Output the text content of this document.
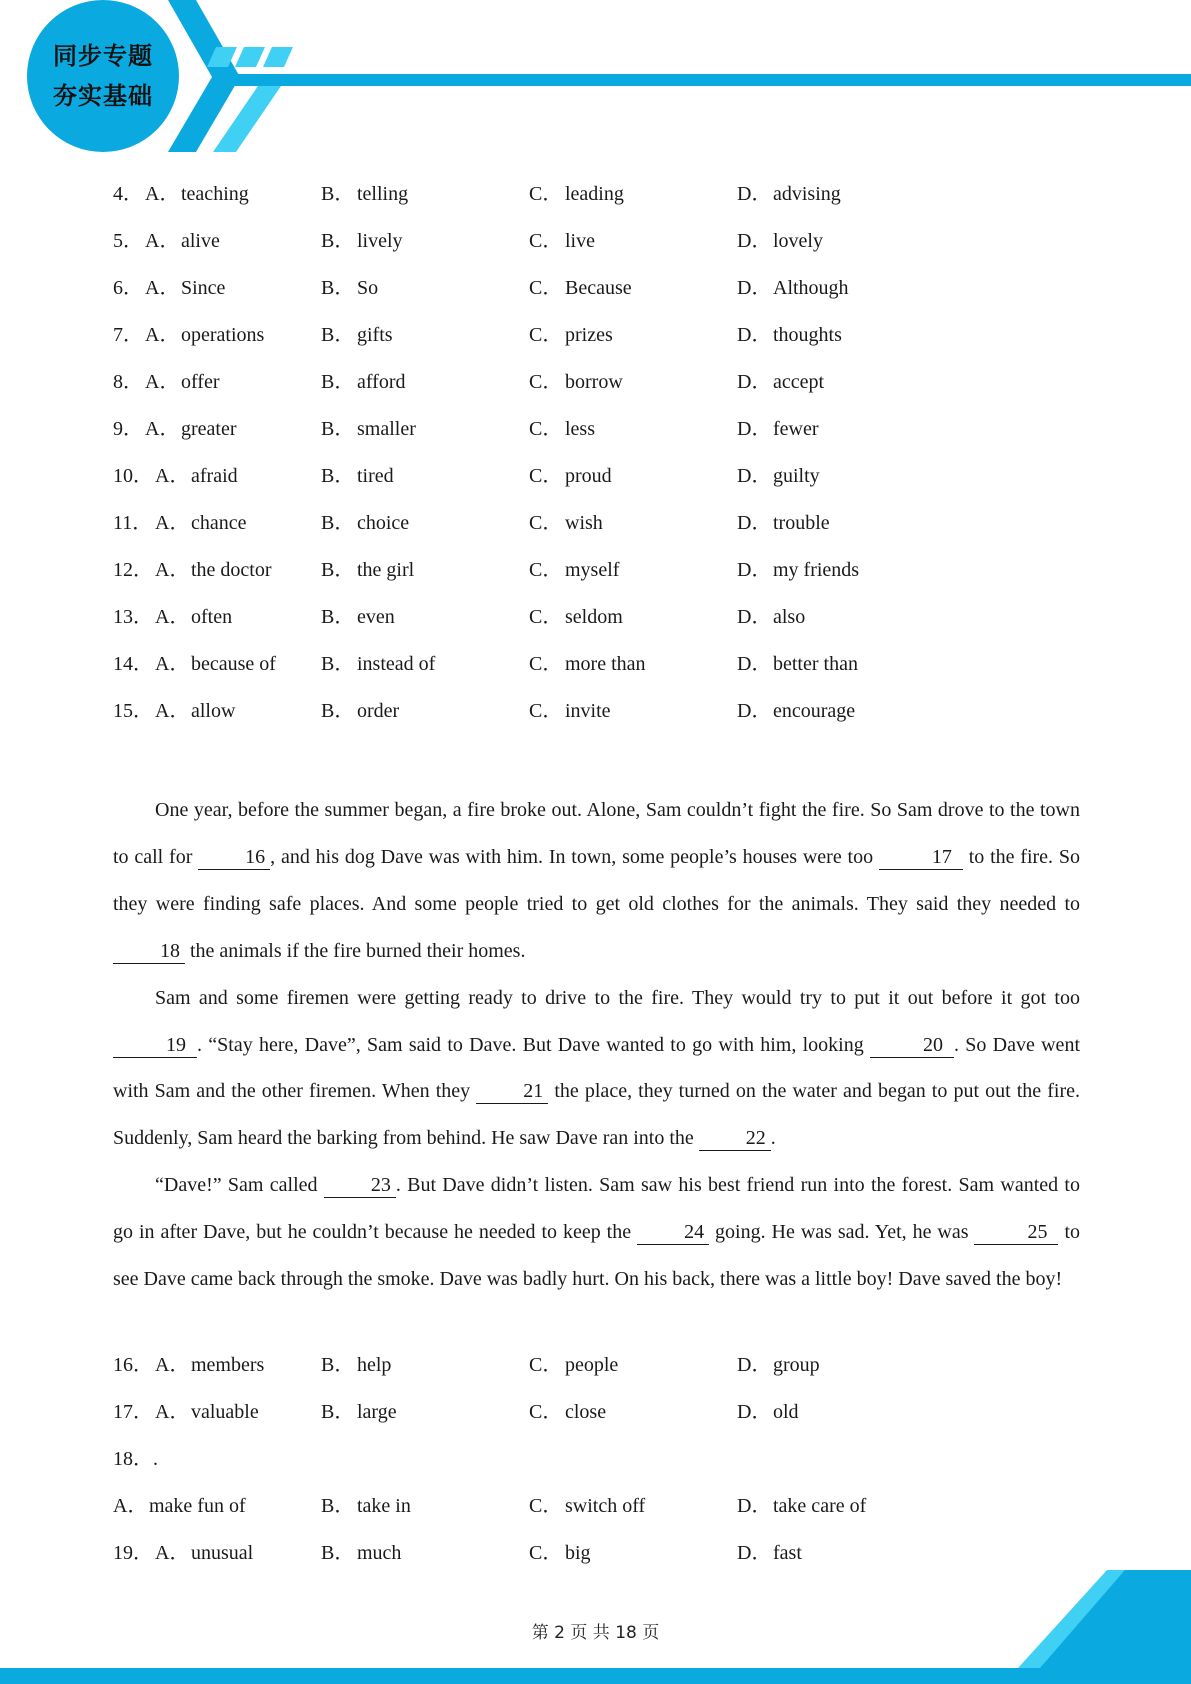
同步专题
夯实基础
4． A．teaching	B． telling	C． leading	D．advising
5． A．alive	B． lively	C． live	D．lovely
6． A．Since	B． So	C． Because	D．Although
7． A．operations	B． gifts	C． prizes	D．thoughts
8． A．offer	B． afford	C． borrow	D．accept
9． A．greater	B． smaller	C． less	D．fewer
10． A．afraid	B． tired	C． proud	D．guilty
11． A．chance	B． choice	C． wish	D．trouble
12． A．the doctor B． the girl	C． myself	D．my friends
13． A．often	B． even	C． seldom	D．also
14． A．because of B． instead of	C． more than	D．better than
15． A．allow	B． order	C． invite	D．encourage

One year, before the summer began, a fire broke out. Alone, Sam couldn’t fight the fire. So Sam drove to the town to call for 16 , and his dog Dave was with him. In town, some people’s houses were too	17 to the fire. So they were finding safe places. And some people tried to get old clothes for the animals. They said they needed to 18 the animals if the fire burned their homes.

Sam and some firemen were getting ready to drive to the fire. They would try to put it out before it got too 19 . “Stay here, Dave”, Sam said to Dave. But Dave wanted to go with him, looking	20 . So Dave went with Sam and the other firemen. When they 21 the place, they turned on the water and began to put out the fire. Suddenly, Sam heard the barking from behind. He saw Dave ran into the 22 .

“Dave!” Sam called 23 . But Dave didn’t listen. Sam saw his best friend run into the forest. Sam wanted to go in after Dave, but he couldn’t because he needed to keep the 24 going. He was sad. Yet, he was	25 to see Dave came back through the smoke. Dave was badly hurt. On his back, there was a little boy! Dave saved the boy!

16． A．members	B． help	C． people	D．group
17． A．valuable	B． large	C． close	D．old
18．.
A．make fun of	B． take in	C． switch off	D．take care of
19． A．unusual	B． much	C． big	D．fast
第 2 页 共 18 页
